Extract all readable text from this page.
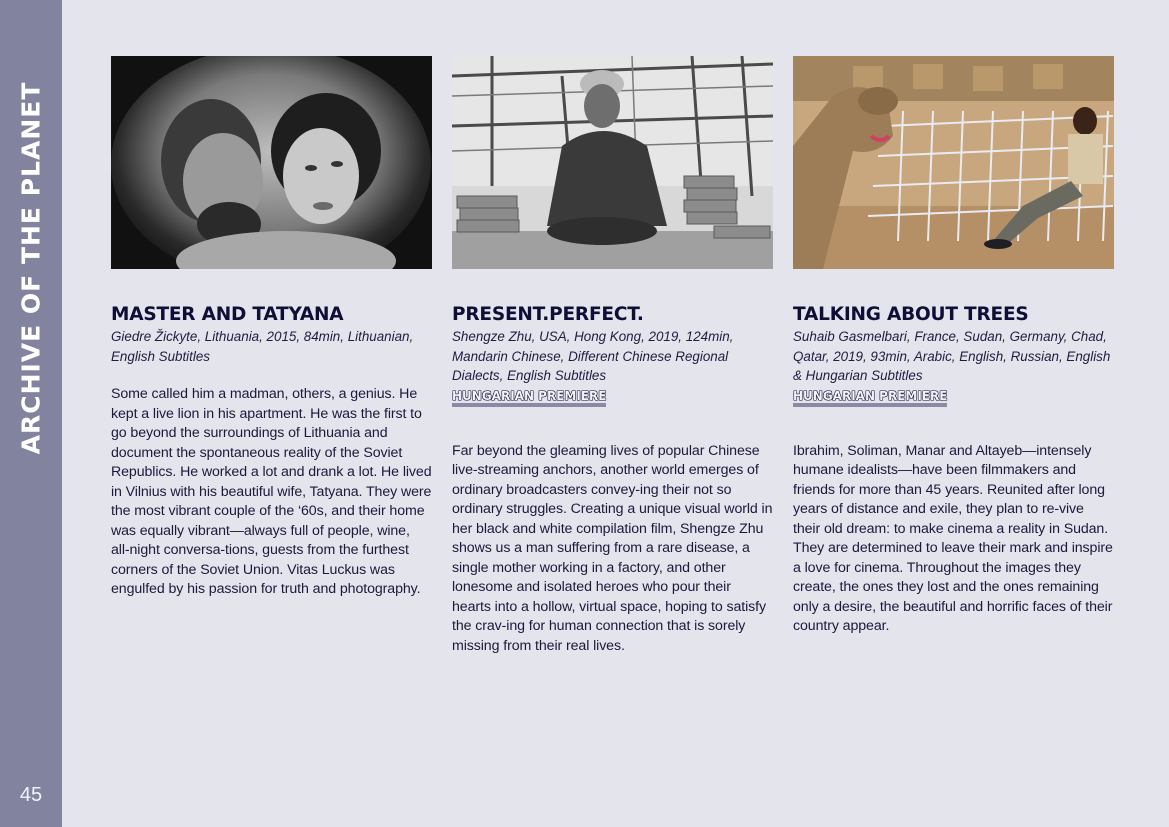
ARCHIVE OF THE PLANET
45
MASTER AND TATYANA
Giedre Žickyte, Lithuania, 2015, 84min, Lithuanian, English Subtitles
Some called him a madman, others, a genius. He kept a live lion in his apartment. He was the first to go beyond the surroundings of Lithuania and document the spontaneous reality of the Soviet Republics. He worked a lot and drank a lot. He lived in Vilnius with his beautiful wife, Tatyana. They were the most vibrant couple of the ‘60s, and their home was equally vibrant—always full of people, wine, all-night conversa-tions, guests from the furthest corners of the Soviet Union. Vitas Luckus was engulfed by his passion for truth and photography.
PRESENT.PERFECT.
Shengze Zhu, USA, Hong Kong, 2019, 124min, Mandarin Chinese, Different Chinese Regional Dialects, English Subtitles
HUNGARIAN PREMIERE
Far beyond the gleaming lives of popular Chinese live-streaming anchors, another world emerges of ordinary broadcasters convey-ing their not so ordinary struggles. Creating a unique visual world in her black and white compilation film, Shengze Zhu shows us a man suffering from a rare disease, a single mother working in a factory, and other lonesome and isolated heroes who pour their hearts into a hollow, virtual space, hoping to satisfy the crav-ing for human connection that is sorely missing from their real lives.
TALKING ABOUT TREES
Suhaib Gasmelbari, France, Sudan, Germany, Chad, Qatar, 2019, 93min, Arabic, English, Russian, English & Hungarian Subtitles
HUNGARIAN PREMIERE
Ibrahim, Soliman, Manar and Altayeb—intensely humane idealists—have been filmmakers and friends for more than 45 years. Reunited after long years of distance and exile, they plan to re-vive their old dream: to make cinema a reality in Sudan. They are determined to leave their mark and inspire a love for cinema. Throughout the images they create, the ones they lost and the ones remaining only a desire, the beautiful and horrific faces of their country appear.
